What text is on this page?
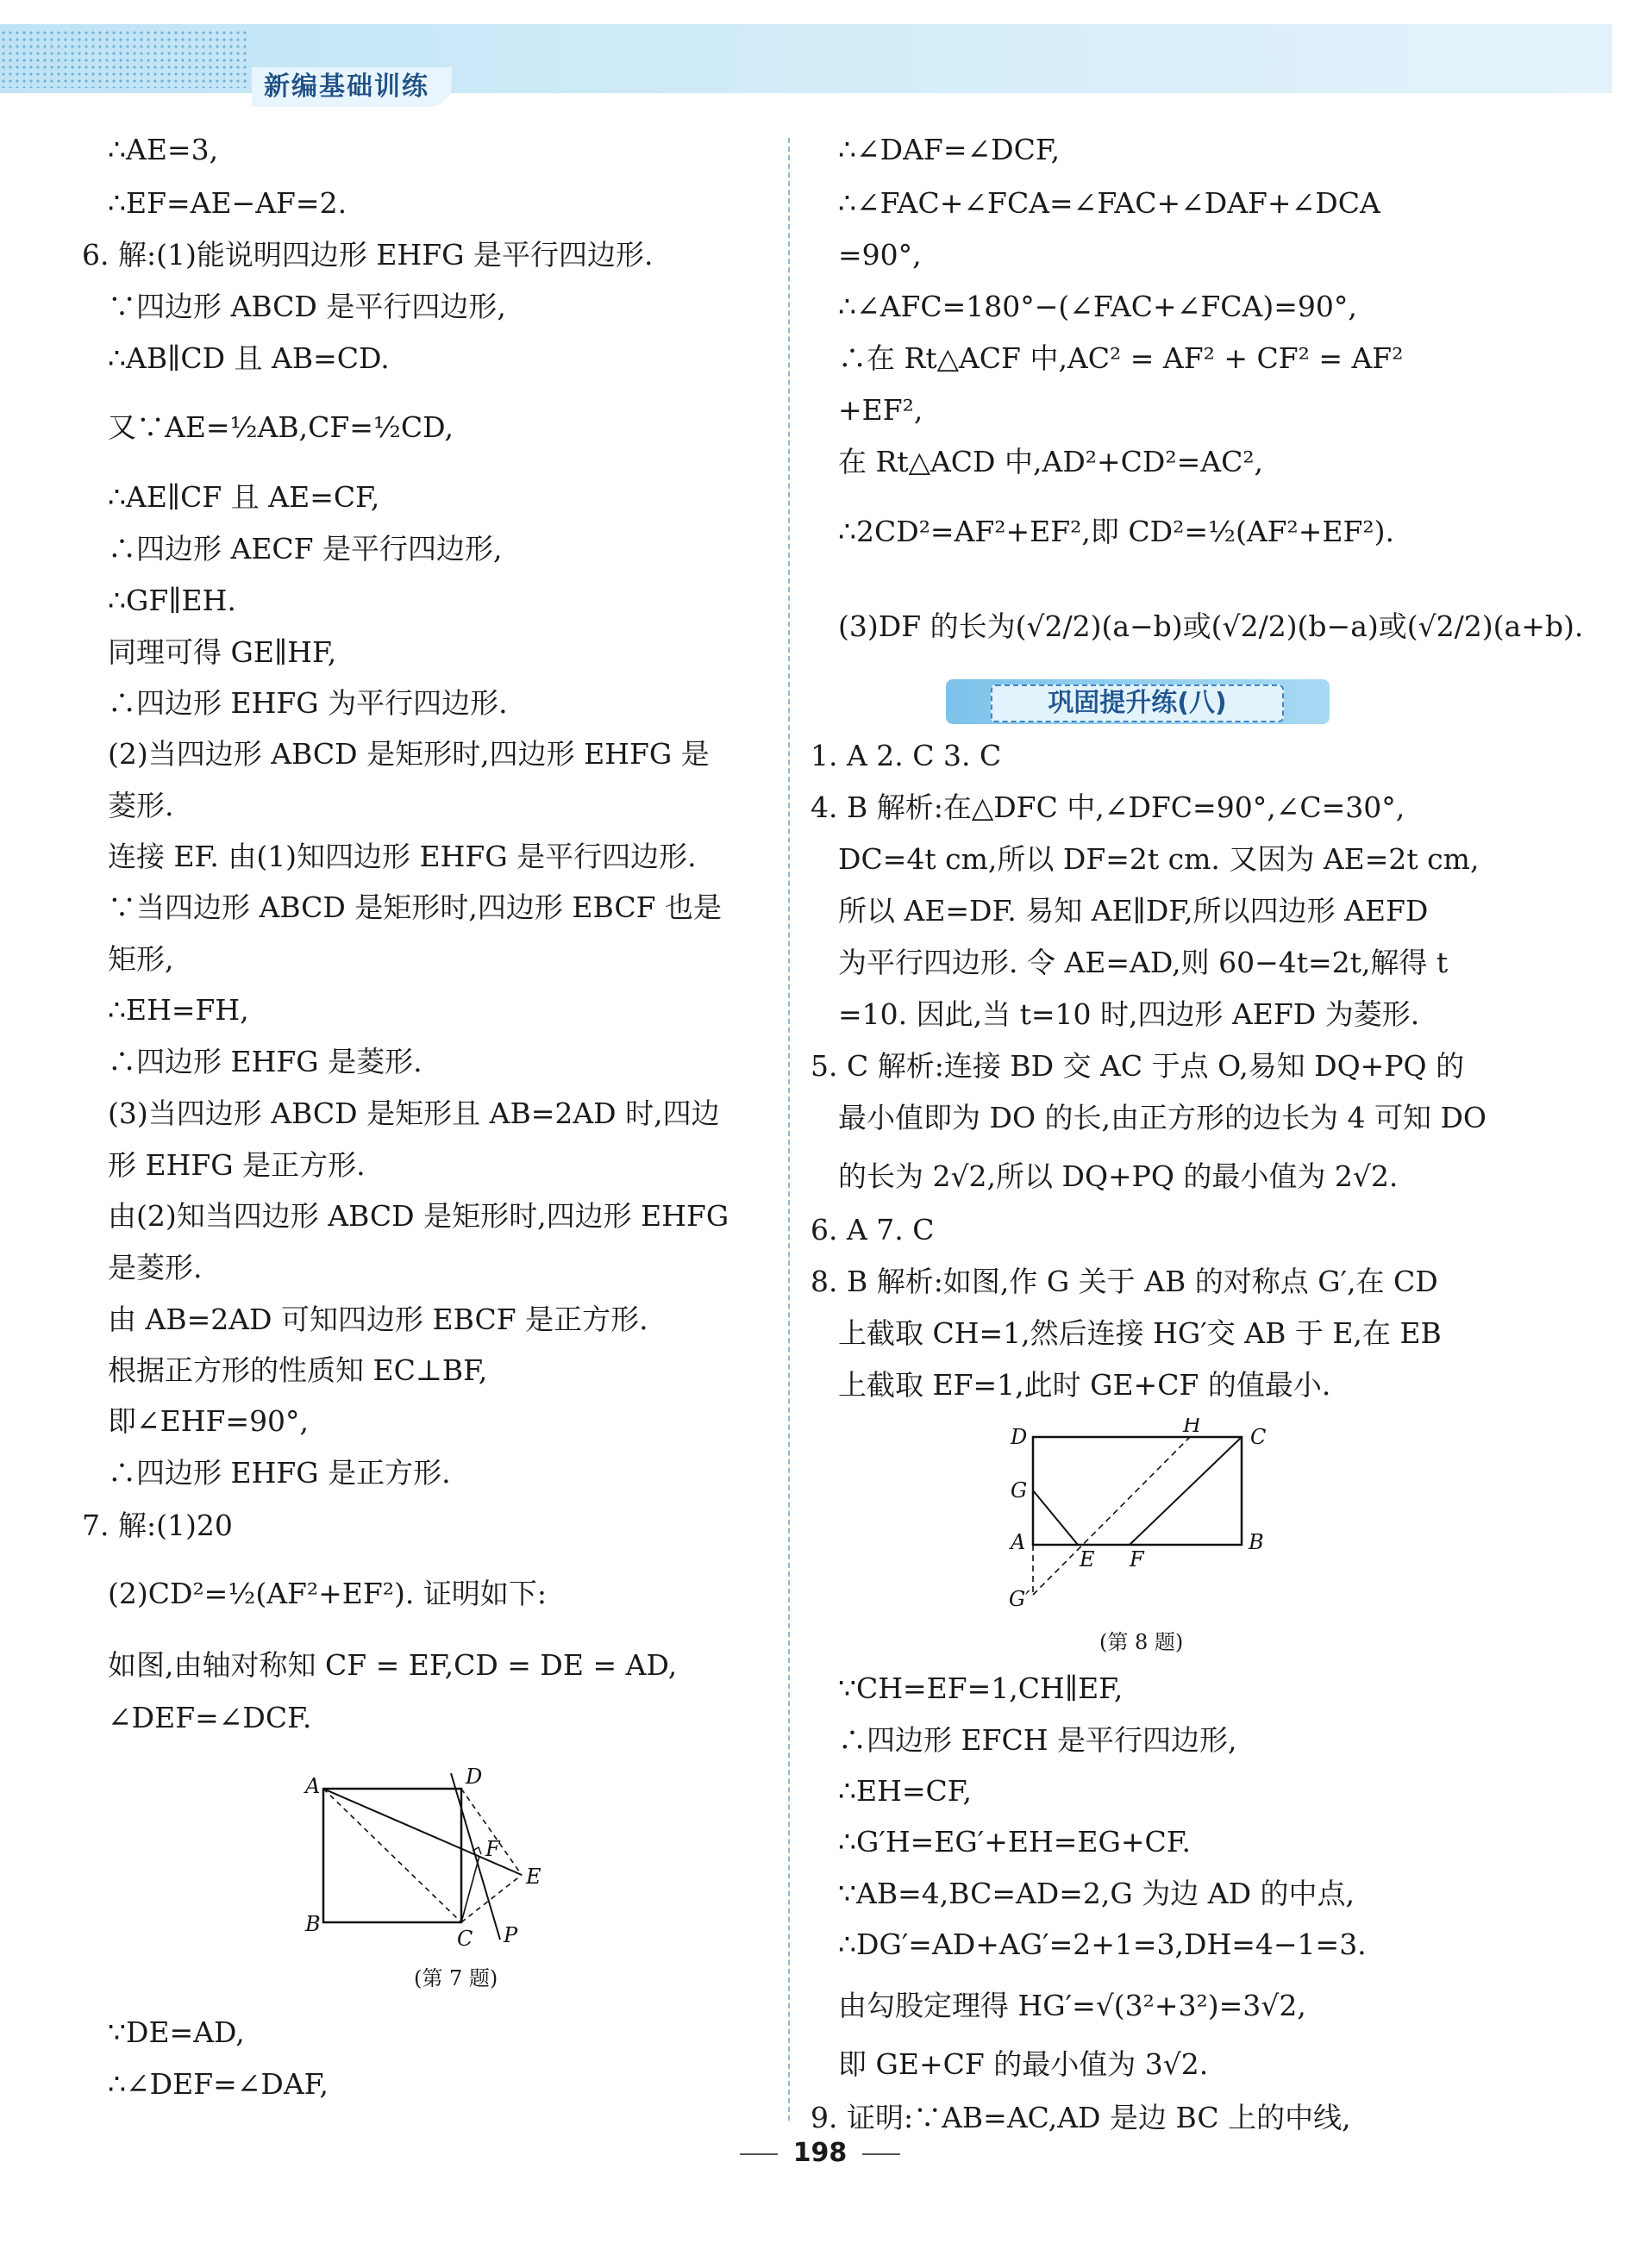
新编基础训练
∴AE=3,
∴EF=AE−AF=2.
6. 解:(1)能说明四边形 EHFG 是平行四边形.
∵四边形 ABCD 是平行四边形,
∴AB∥CD 且 AB=CD.
又∵AE=½AB,CF=½CD,
∴AE∥CF 且 AE=CF,
∴四边形 AECF 是平行四边形,
∴GF∥EH.
同理可得 GE∥HF,
∴四边形 EHFG 为平行四边形.
(2)当四边形 ABCD 是矩形时,四边形 EHFG 是
菱形.
连接 EF. 由(1)知四边形 EHFG 是平行四边形.
∵当四边形 ABCD 是矩形时,四边形 EBCF 也是
矩形,
∴EH=FH,
∴四边形 EHFG 是菱形.
(3)当四边形 ABCD 是矩形且 AB=2AD 时,四边
形 EHFG 是正方形.
由(2)知当四边形 ABCD 是矩形时,四边形 EHFG
是菱形.
由 AB=2AD 可知四边形 EBCF 是正方形.
根据正方形的性质知 EC⊥BF,
即∠EHF=90°,
∴四边形 EHFG 是正方形.
7. 解:(1)20
(2)CD²=½(AF²+EF²). 证明如下:
如图,由轴对称知 CF = EF,CD = DE = AD,
∠DEF=∠DCF.
∵DE=AD,
∴∠DEF=∠DAF,
A
B
C
D
E
F
P
(第 7 题)
∴∠DAF=∠DCF,
∴∠FAC+∠FCA=∠FAC+∠DAF+∠DCA
=90°,
∴∠AFC=180°−(∠FAC+∠FCA)=90°,
∴在 Rt△ACF 中,AC² = AF² + CF² = AF²
+EF²,
在 Rt△ACD 中,AD²+CD²=AC²,
∴2CD²=AF²+EF²,即 CD²=½(AF²+EF²).
(3)DF 的长为(√2/2)(a−b)或(√2/2)(b−a)或(√2/2)(a+b).
1. A 2. C 3. C
4. B 解析:在△DFC 中,∠DFC=90°,∠C=30°,
DC=4t cm,所以 DF=2t cm. 又因为 AE=2t cm,
所以 AE=DF. 易知 AE∥DF,所以四边形 AEFD
为平行四边形. 令 AE=AD,则 60−4t=2t,解得 t
=10. 因此,当 t=10 时,四边形 AEFD 为菱形.
5. C 解析:连接 BD 交 AC 于点 O,易知 DQ+PQ 的
最小值即为 DO 的长,由正方形的边长为 4 可知 DO
的长为 2√2,所以 DQ+PQ 的最小值为 2√2.
6. A 7. C
8. B 解析:如图,作 G 关于 AB 的对称点 G′,在 CD
上截取 CH=1,然后连接 HG′交 AB 于 E,在 EB
上截取 EF=1,此时 GE+CF 的值最小.
∵CH=EF=1,CH∥EF,
∴四边形 EFCH 是平行四边形,
∴EH=CF,
∴G′H=EG′+EH=EG+CF.
∵AB=4,BC=AD=2,G 为边 AD 的中点,
∴DG′=AD+AG′=2+1=3,DH=4−1=3.
由勾股定理得 HG′=√(3²+3²)=3√2,
即 GE+CF 的最小值为 3√2.
9. 证明:∵AB=AC,AD 是边 BC 上的中线,
巩固提升练(八)
D	H C
G
A
E F
B
G′
(第 8 题)
198
